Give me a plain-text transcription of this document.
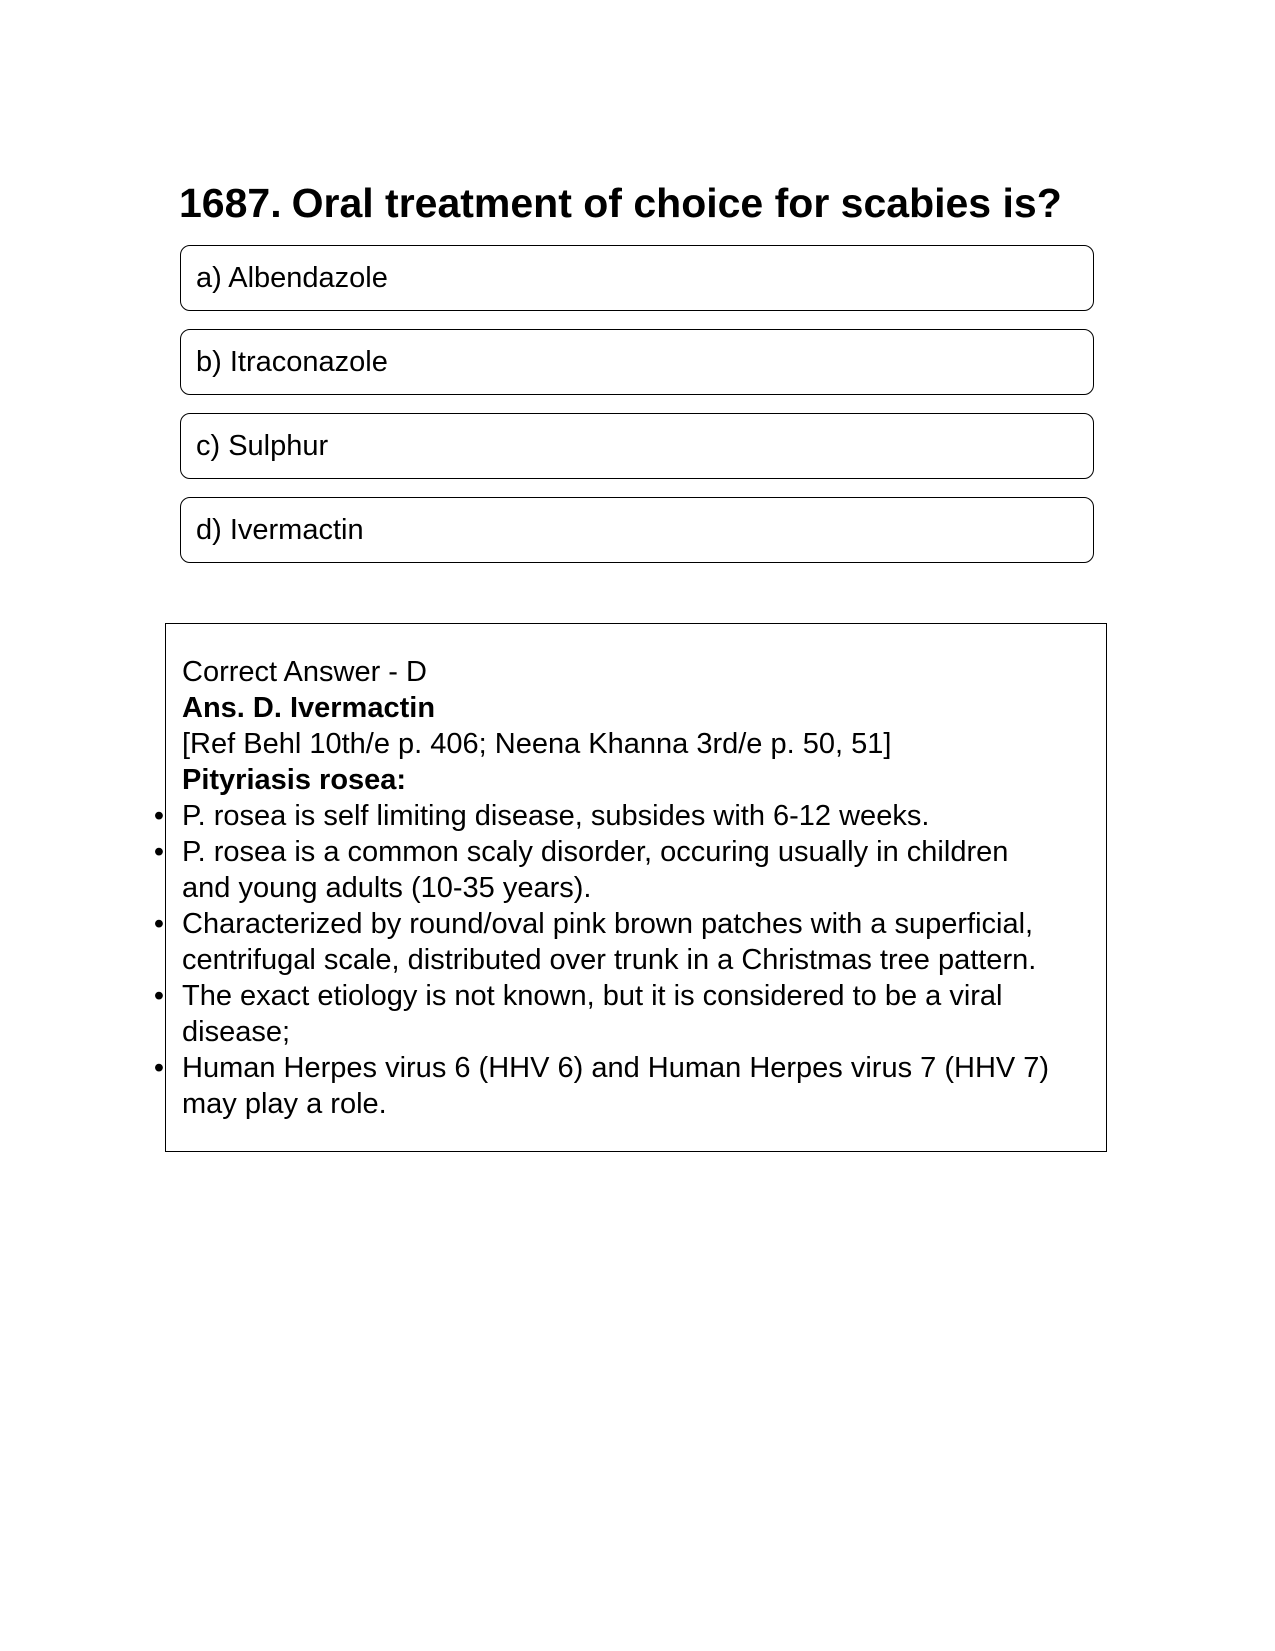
1687. Oral treatment of choice for scabies is?
a) Albendazole
b) Itraconazole
c) Sulphur
d) Ivermactin
Correct Answer - D
Ans. D. Ivermactin
[Ref Behl 10th/e p. 406; Neena Khanna 3rd/e p. 50, 51]
Pityriasis rosea:
• P. rosea is self limiting disease, subsides with 6-12 weeks.
• P. rosea is a common scaly disorder, occuring usually in children
and young adults (10-35 years).
• Characterized by round/oval pink brown patches with a superficial,
centrifugal scale, distributed over trunk in a Christmas tree pattern.
• The exact etiology is not known, but it is considered to be a viral
disease;
• Human Herpes virus 6 (HHV 6) and Human Herpes virus 7 (HHV 7)
may play a role.
